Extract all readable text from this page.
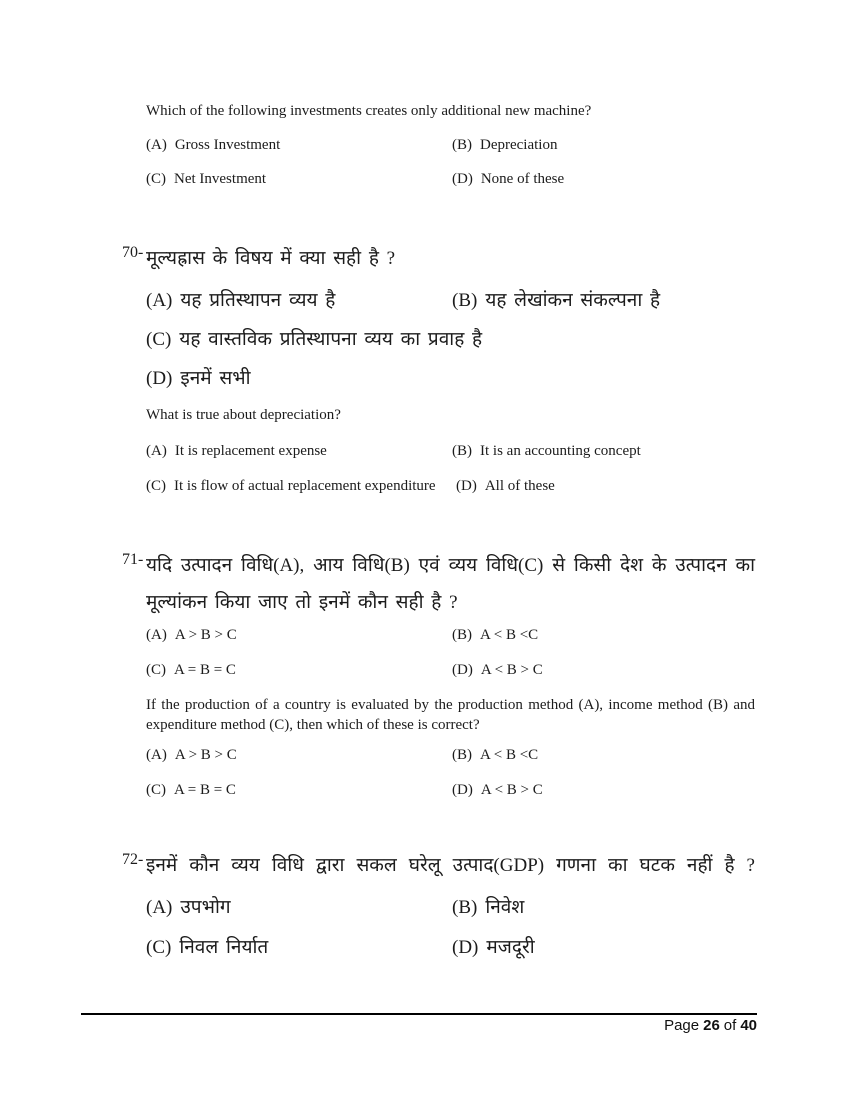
Which of the following investments creates only additional new machine?
(A) Gross Investment	(B) Depreciation
(C) Net Investment	(D) None of these
70- मूल्यह्रास के विषय में क्या सही है ?
(A) यह प्रतिस्थापन व्यय है	(B) यह लेखांकन संकल्पना है
(C) यह वास्तविक प्रतिस्थापना व्यय का प्रवाह है
(D) इनमें सभी
What is true about depreciation?
(A) It is replacement expense	(B) It is an accounting concept
(C) It is flow of actual replacement expenditure (D) All of these
71- यदि उत्पादन विधि(A), आय विधि(B) एवं व्यय विधि(C) से किसी देश के उत्पादन का
मूल्यांकन किया जाए तो इनमें कौन सही है ?
(A) A > B > C	(B) A < B <C
(C) A = B = C	(D) A < B > C
If the production of a country is evaluated by the production method (A), income method (B) and
expenditure method (C), then which of these is correct?
(A) A > B > C	(B) A < B <C
(C) A = B = C	(D) A < B > C
72- इनमें कौन व्यय विधि द्वारा सकल घरेलू उत्पाद(GDP) गणना का घटक नहीं है ?
(A) उपभोग	(B) निवेश
(C) निवल निर्यात	(D) मजदूरी
Page 26 of 40
